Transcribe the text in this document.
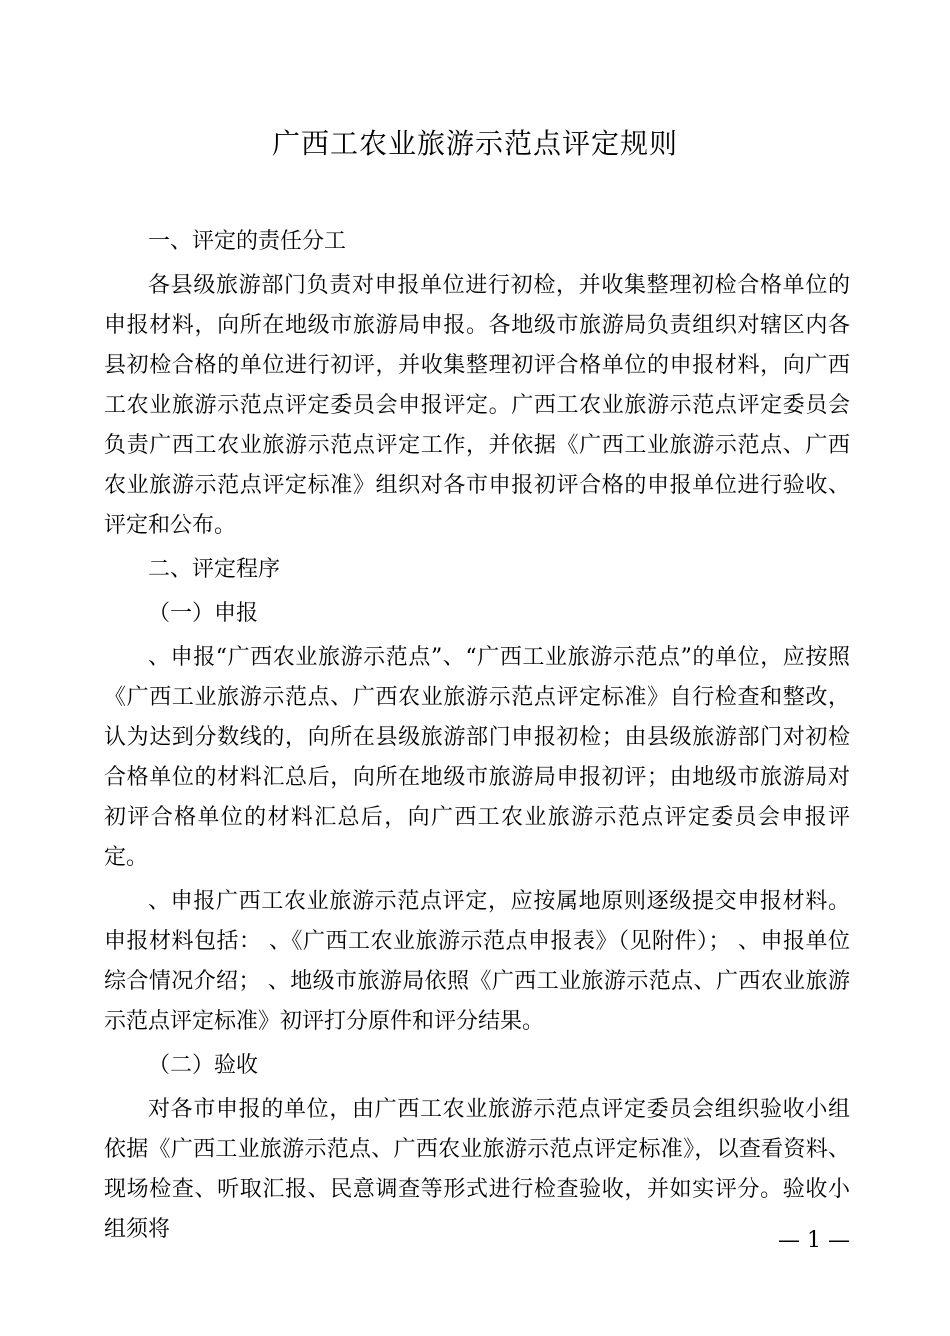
广西工农业旅游示范点评定规则

一、评定的责任分工

各县级旅游部门负责对申报单位进行初检，并收集整理初检合格单位的申报材料，向所在地级市旅游局申报。各地级市旅游局负责组织对辖区内各县初检合格的单位进行初评，并收集整理初评合格单位的申报材料，向广西工农业旅游示范点评定委员会申报评定。广西工农业旅游示范点评定委员会负责广西工农业旅游示范点评定工作，并依据《广西工业旅游示范点、广西农业旅游示范点评定标准》组织对各市申报初评合格的申报单位进行验收、评定和公布。

二、评定程序

（一）申报

、申报“广西农业旅游示范点”、“广西工业旅游示范点”的单位，应按照《广西工业旅游示范点、广西农业旅游示范点评定标准》自行检查和整改，认为达到分数线的，向所在县级旅游部门申报初检；由县级旅游部门对初检合格单位的材料汇总后，向所在地级市旅游局申报初评；由地级市旅游局对初评合格单位的材料汇总后，向广西工农业旅游示范点评定委员会申报评定。

、申报广西工农业旅游示范点评定，应按属地原则逐级提交申报材料。申报材料包括： 、《广西工农业旅游示范点申报表》（见附件）； 、申报单位综合情况介绍； 、地级市旅游局依照《广西工业旅游示范点、广西农业旅游示范点评定标准》初评打分原件和评分结果。

（二）验收

对各市申报的单位，由广西工农业旅游示范点评定委员会组织验收小组依据《广西工业旅游示范点、广西农业旅游示范点评定标准》，以查看资料、现场检查、听取汇报、民意调查等形式进行检查验收，并如实评分。验收小组须将	— 1 —
